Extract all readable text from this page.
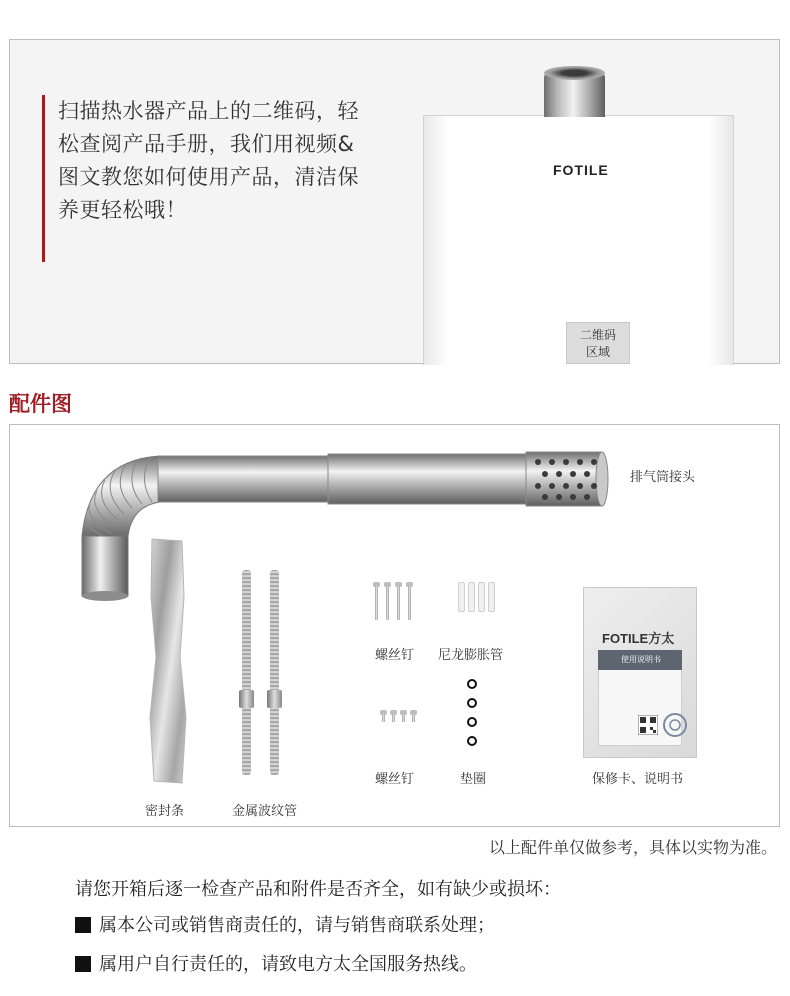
扫描热水器产品上的二维码，轻
松查阅产品手册，我们用视频&
图文教您如何使用产品，清洁保
养更轻松哦！
FOTILE
二维码
区域
配件图
排气筒接头
密封条	金属波纹管
螺丝钉 尼龙膨胀管
螺丝钉	垫圈
FOTILE方太
使用说明书
保修卡、说明书
以上配件单仅做参考，具体以实物为准。
请您开箱后逐一检查产品和附件是否齐全，如有缺少或损坏：
属本公司或销售商责任的，请与销售商联系处理；
属用户自行责任的，请致电方太全国服务热线。
